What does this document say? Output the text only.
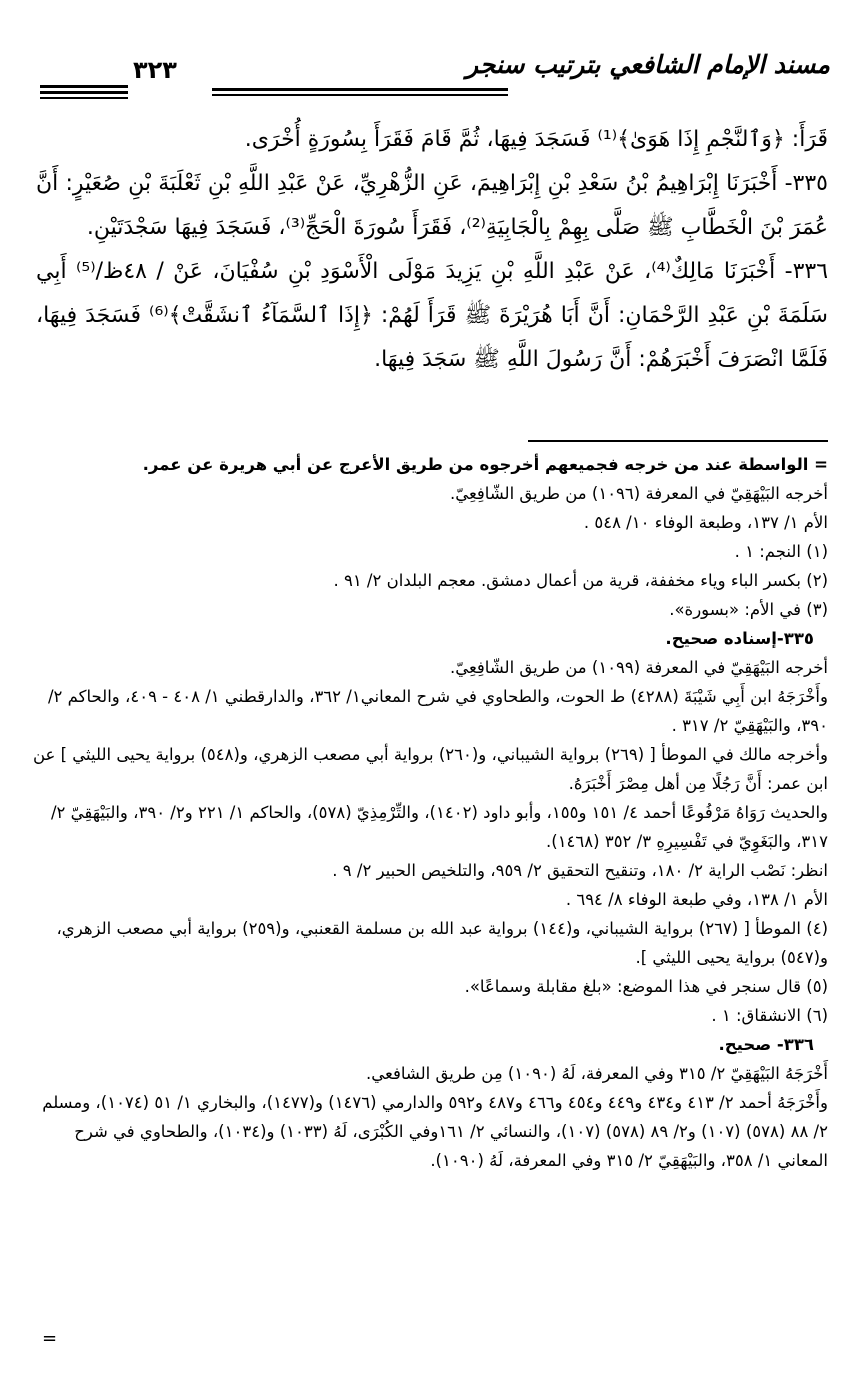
مسند الإمام الشافعي بترتيب سنجر
٣٢٣

قَرَأَ: ﴿وَٱلنَّجْمِ إِذَا هَوَىٰ﴾⁽¹⁾ فَسَجَدَ فِيهَا، ثُمَّ قَامَ فَقَرَأَ بِسُورَةٍ أُخْرَى.

٣٣٥- أَخْبَرَنَا إِبْرَاهِيمُ بْنُ سَعْدِ بْنِ إِبْرَاهِيمَ، عَنِ الزُّهْرِيِّ، عَنْ عَبْدِ اللَّهِ بْنِ ثَعْلَبَةَ بْنِ صُعَيْرٍ: أَنَّ عُمَرَ بْنَ الْخَطَّابِ ﷺ صَلَّى بِهِمْ بِالْجَابِيَةِ⁽²⁾، فَقَرَأَ سُورَةَ الْحَجِّ⁽³⁾، فَسَجَدَ فِيهَا سَجْدَتَيْنِ.

٣٣٦- أَخْبَرَنَا مَالِكٌ⁽⁴⁾، عَنْ عَبْدِ اللَّهِ بْنِ يَزِيدَ مَوْلَى الْأَسْوَدِ بْنِ سُفْيَانَ، عَنْ / ٤٨ظ/⁽⁵⁾ أَبِي سَلَمَةَ بْنِ عَبْدِ الرَّحْمَانِ: أَنَّ أَبَا هُرَيْرَةَ ﷺ قَرَأَ لَهُمْ: ﴿إِذَا ٱلسَّمَآءُ ٱنشَقَّتْ﴾⁽⁶⁾ فَسَجَدَ فِيهَا، فَلَمَّا انْصَرَفَ أَخْبَرَهُمْ: أَنَّ رَسُولَ اللَّهِ ﷺ سَجَدَ فِيهَا.

= الواسطة عند من خرجه فجميعهم أخرجوه من طريق الأعرج عن أبي هريرة عن عمر.
أخرجه البَيْهَقِيّ في المعرفة (١٠٩٦) من طريق الشّافِعِيّ.
الأم ١/ ١٣٧، وطبعة الوفاء ١٠/ ٥٤٨ .
(١) النجم: ١ .
(٢) بكسر الباء وياء مخففة، قرية من أعمال دمشق. معجم البلدان ٢/ ٩١ .
(٣) في الأم: «بسورة».
٣٣٥-إسناده صحيح.
أخرجه البَيْهَقِيّ في المعرفة (١٠٩٩) من طريق الشّافِعِيّ.
وأَخْرَجَهُ ابن أَبِي شَيْبَةَ (٤٢٨٨) ط الحوت، والطحاوي في شرح المعاني١/ ٣٦٢، والدارقطني ١/ ٤٠٨ - ٤٠٩، والحاكم ٢/ ٣٩٠، والبَيْهَقِيّ ٢/ ٣١٧ .
وأخرجه مالك في الموطأ [ (٢٦٩) برواية الشيباني، و(٢٦٠) برواية أبي مصعب الزهري، و(٥٤٨) برواية يحيى الليثي ] عن ابن عمر: أَنَّ رَجُلًا مِن أهل مِصْرَ أَخْبَرَهُ.
والحديث رَوَاهُ مَرْفُوعًا أحمد ٤/ ١٥١ و١٥٥، وأبو داود (١٤٠٢)، والتِّرْمِذِيّ (٥٧٨)، والحاكم ١/ ٢٢١ و٢/ ٣٩٠، والبَيْهَقِيّ ٢/ ٣١٧، والبَغَوِيّ في تَفْسِيرِهِ ٣/ ٣٥٢ (١٤٦٨).
انظر: نَصْب الراية ٢/ ١٨٠، وتنقيح التحقيق ٢/ ٩٥٩، والتلخيص الحبير ٢/ ٩ .
الأم ١/ ١٣٨، وفي طبعة الوفاء ٨/ ٦٩٤ .
(٤) الموطأ [ (٢٦٧) برواية الشيباني، و(١٤٤) برواية عبد الله بن مسلمة القعنبي، و(٢٥٩) برواية أبي مصعب الزهري، و(٥٤٧) برواية يحيى الليثي ].
(٥) قال سنجر في هذا الموضع: «بلغ مقابلة وسماعًا».
(٦) الانشقاق: ١ .
٣٣٦- صحيح.
أَخْرَجَهُ البَيْهَقِيّ ٢/ ٣١٥ وفي المعرفة، لَهُ (١٠٩٠) مِن طريق الشافعي.
وأَخْرَجَهُ أحمد ٢/ ٤١٣ و٤٣٤ و٤٤٩ و٤٥٤ و٤٦٦ و٤٨٧ و٥٩٢ والدارمي (١٤٧٦) و(١٤٧٧)، والبخاري ١/ ٥١ (١٠٧٤)، ومسلم ٢/ ٨٨ (٥٧٨) (١٠٧) و٢/ ٨٩ (٥٧٨) (١٠٧)، والنسائي ٢/ ١٦١وفي الكُبْرَى، لَهُ (١٠٣٣) و(١٠٣٤)، والطحاوي في شرح المعاني ١/ ٣٥٨، والبَيْهَقِيّ ٢/ ٣١٥ وفي المعرفة، لَهُ (١٠٩٠).
=
